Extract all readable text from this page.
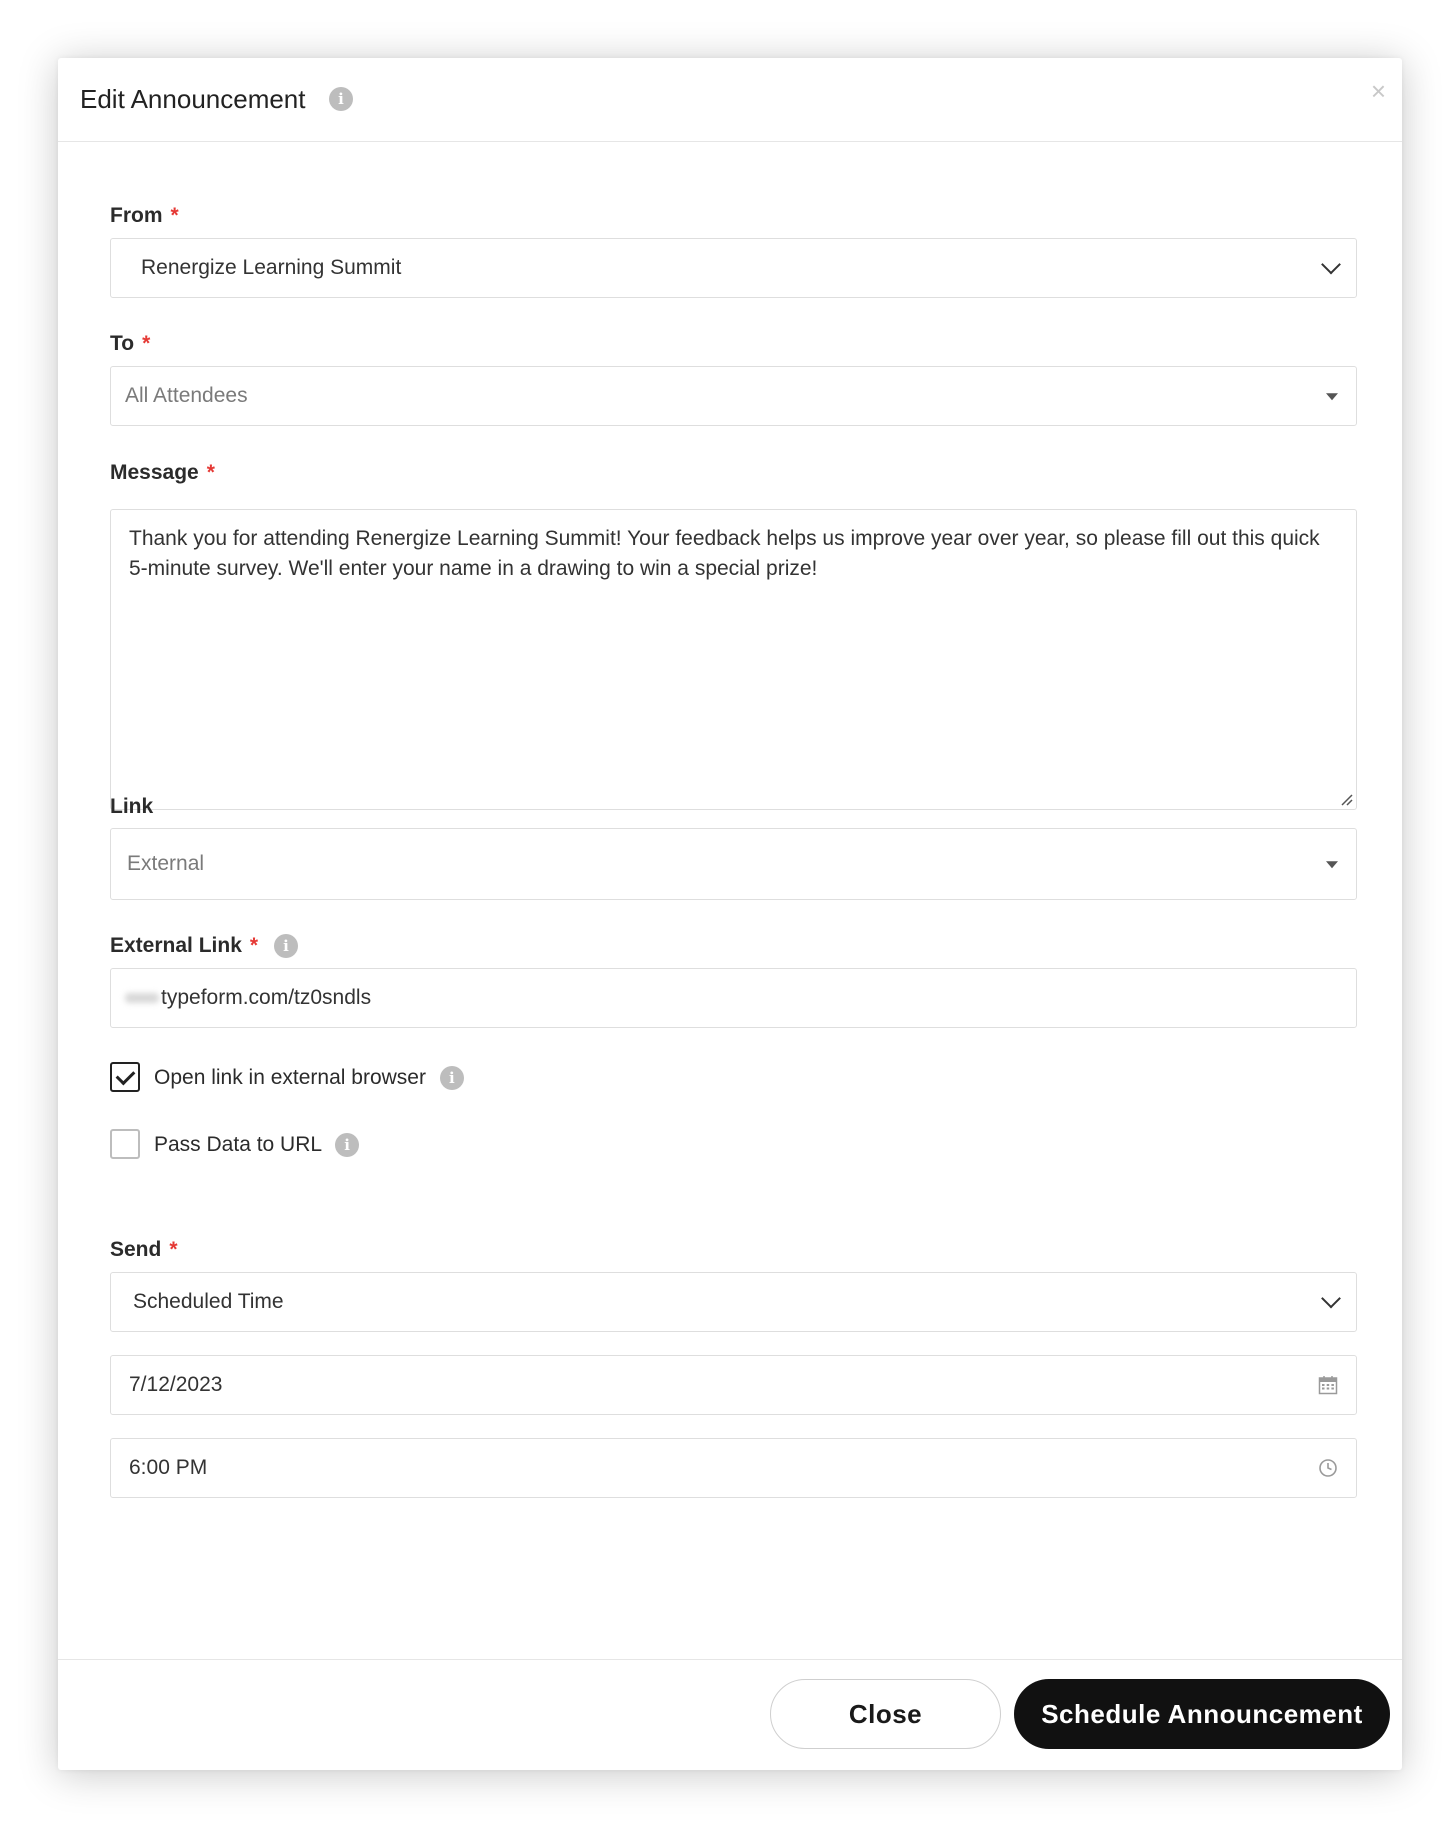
Edit Announcement	i	×
From *
Renergize Learning Summit
To *
All Attendees
Message *
Thank you for attending Renergize Learning Summit! Your feedback helps us improve year over year, so please fill out this quick 5-minute survey. We'll enter your name in a drawing to win a special prize!
Link
External
External Link * i
typeform.com/tz0sndls
Open link in external browser i
Pass Data to URL i
Send *
Scheduled Time
7/12/2023
6:00 PM
Close	Schedule Announcement
